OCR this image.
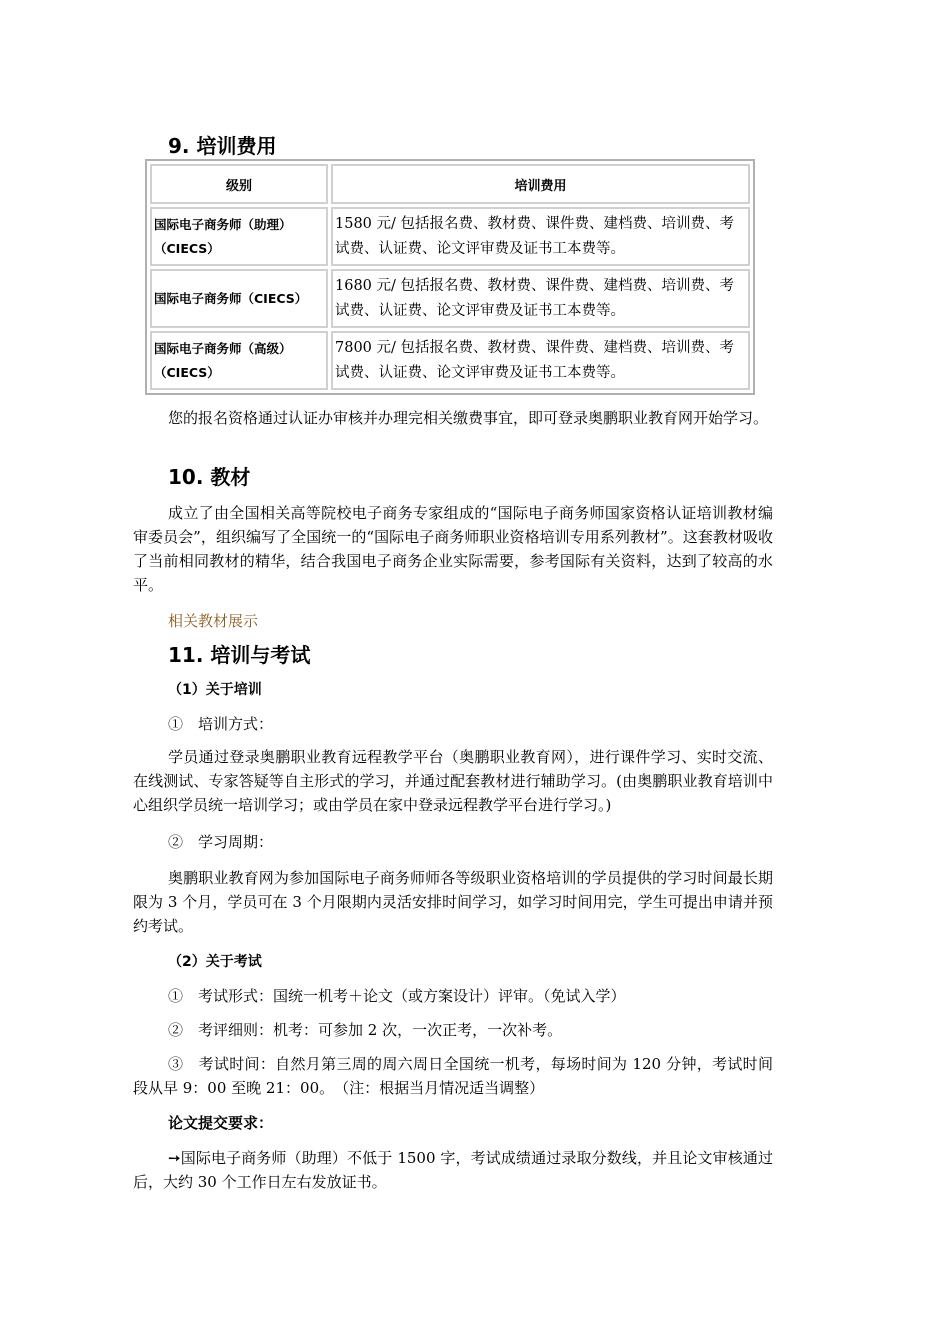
9. 培训费用
级别	培训费用
国际电子商务师（助理）（CIECS）	1580 元/ 包括报名费、教材费、课件费、建档费、培训费、考试费、认证费、论文评审费及证书工本费等。
国际电子商务师（CIECS）	1680 元/ 包括报名费、教材费、课件费、建档费、培训费、考试费、认证费、论文评审费及证书工本费等。
国际电子商务师（高级）（CIECS）	7800 元/ 包括报名费、教材费、课件费、建档费、培训费、考试费、认证费、论文评审费及证书工本费等。
您的报名资格通过认证办审核并办理完相关缴费事宜，即可登录奥鹏职业教育网开始学习。
10. 教材
成立了由全国相关高等院校电子商务专家组成的“国际电子商务师国家资格认证培训教材编审委员会”，组织编写了全国统一的“国际电子商务师职业资格培训专用系列教材”。这套教材吸收了当前相同教材的精华，结合我国电子商务企业实际需要，参考国际有关资料，达到了较高的水平。
相关教材展示
11. 培训与考试
（1）关于培训
①　培训方式：
学员通过登录奥鹏职业教育远程教学平台（奥鹏职业教育网），进行课件学习、实时交流、在线测试、专家答疑等自主形式的学习，并通过配套教材进行辅助学习。(由奥鹏职业教育培训中心组织学员统一培训学习；或由学员在家中登录远程教学平台进行学习。)
②　学习周期：
奥鹏职业教育网为参加国际电子商务师师各等级职业资格培训的学员提供的学习时间最长期限为 3 个月，学员可在 3 个月限期内灵活安排时间学习，如学习时间用完，学生可提出申请并预约考试。
（2）关于考试
①　考试形式：国统一机考＋论文（或方案设计）评审。（免试入学）
②　考评细则：机考：可参加 2 次，一次正考，一次补考。
③　考试时间：自然月第三周的周六周日全国统一机考，每场时间为 120 分钟，考试时间段从早 9：00 至晚 21：00。　（注：根据当月情况适当调整）
论文提交要求：
➙国际电子商务师（助理）不低于 1500 字，考试成绩通过录取分数线，并且论文审核通过后，大约 30 个工作日左右发放证书。
